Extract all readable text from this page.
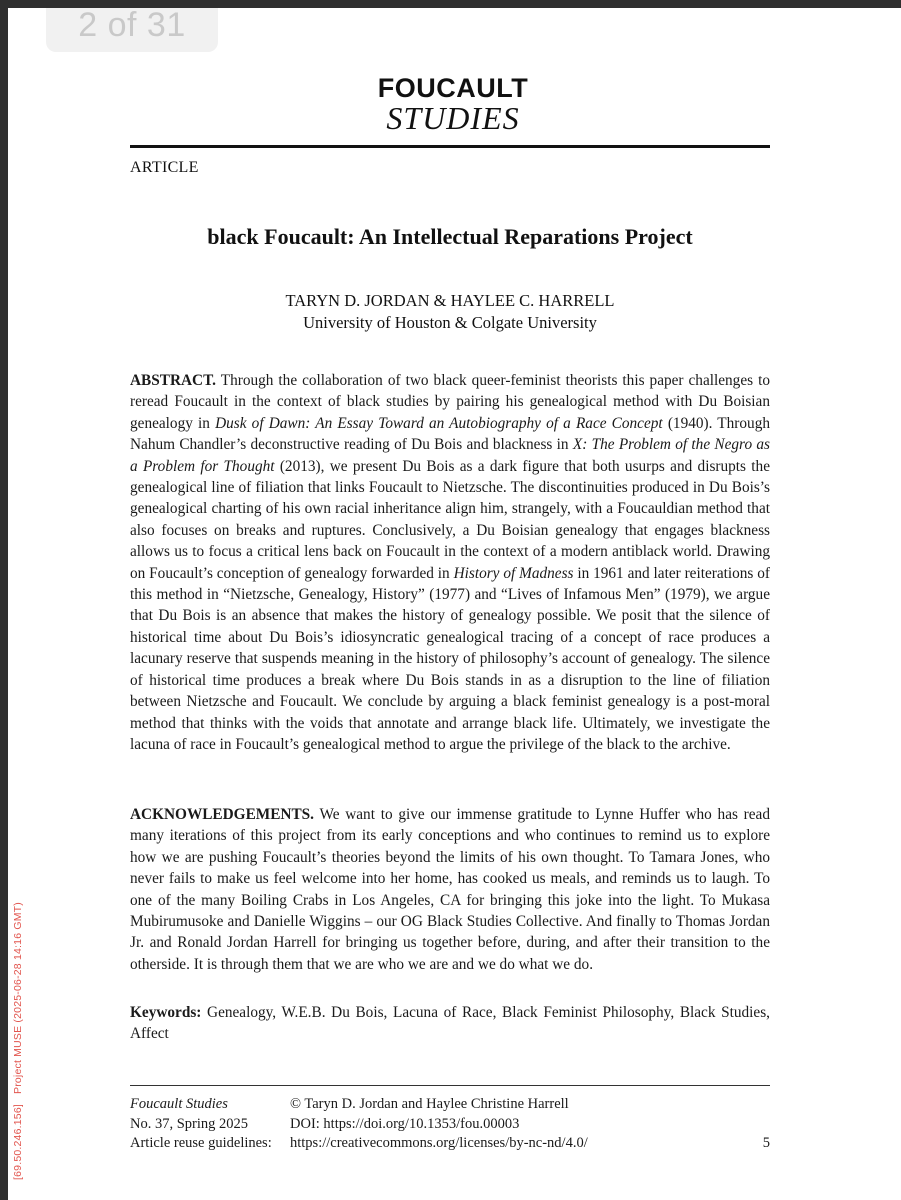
2 of 31
FOUCAULT
STUDIES
ARTICLE
black Foucault: An Intellectual Reparations Project
TARYN D. JORDAN & HAYLEE C. HARRELL
University of Houston & Colgate University

ABSTRACT. Through the collaboration of two black queer-feminist theorists this paper challenges to reread Foucault in the context of black studies by pairing his genealogical method with Du Boisian genealogy in Dusk of Dawn: An Essay Toward an Autobiography of a Race Concept (1940). Through Nahum Chandler’s deconstructive reading of Du Bois and blackness in X: The Problem of the Negro as a Problem for Thought (2013), we present Du Bois as a dark figure that both usurps and disrupts the genealogical line of filiation that links Foucault to Nietzsche. The discontinuities produced in Du Bois’s genealogical charting of his own racial inheritance align him, strangely, with a Foucauldian method that also focuses on breaks and ruptures. Conclusively, a Du Boisian genealogy that engages blackness allows us to focus a critical lens back on Foucault in the context of a modern antiblack world. Drawing on Foucault’s conception of genealogy forwarded in History of Madness in 1961 and later reiterations of this method in “Nietzsche, Genealogy, History” (1977) and “Lives of Infamous Men” (1979), we argue that Du Bois is an absence that makes the history of genealogy possible. We posit that the silence of historical time about Du Bois’s idiosyncratic genealogical tracing of a concept of race produces a lacunary reserve that suspends meaning in the history of philosophy’s account of genealogy. The silence of historical time produces a break where Du Bois stands in as a disruption to the line of filiation between Nietzsche and Foucault. We conclude by arguing a black feminist genealogy is a post-moral method that thinks with the voids that annotate and arrange black life. Ultimately, we investigate the lacuna of race in Foucault’s genealogical method to argue the privilege of the black to the archive.

ACKNOWLEDGEMENTS. We want to give our immense gratitude to Lynne Huffer who has read many iterations of this project from its early conceptions and who continues to remind us to explore how we are pushing Foucault’s theories beyond the limits of his own thought. To Tamara Jones, who never fails to make us feel welcome into her home, has cooked us meals, and reminds us to laugh. To one of the many Boiling Crabs in Los Angeles, CA for bringing this joke into the light. To Mukasa Mubirumusoke and Danielle Wiggins – our OG Black Studies Collective. And finally to Thomas Jordan Jr. and Ronald Jordan Harrell for bringing us together before, during, and after their transition to the otherside. It is through them that we are who we are and we do what we do.

Keywords: Genealogy, W.E.B. Du Bois, Lacuna of Race, Black Feminist Philosophy, Black Studies, Affect

Foucault Studies
No. 37, Spring 2025
Article reuse guidelines:
© Taryn D. Jordan and Haylee Christine Harrell
DOI: https://doi.org/10.1353/fou.00003
https://creativecommons.org/licenses/by-nc-nd/4.0/	5
[69.50.246.156]Project MUSE (2025-06-28 14:16 GMT)
